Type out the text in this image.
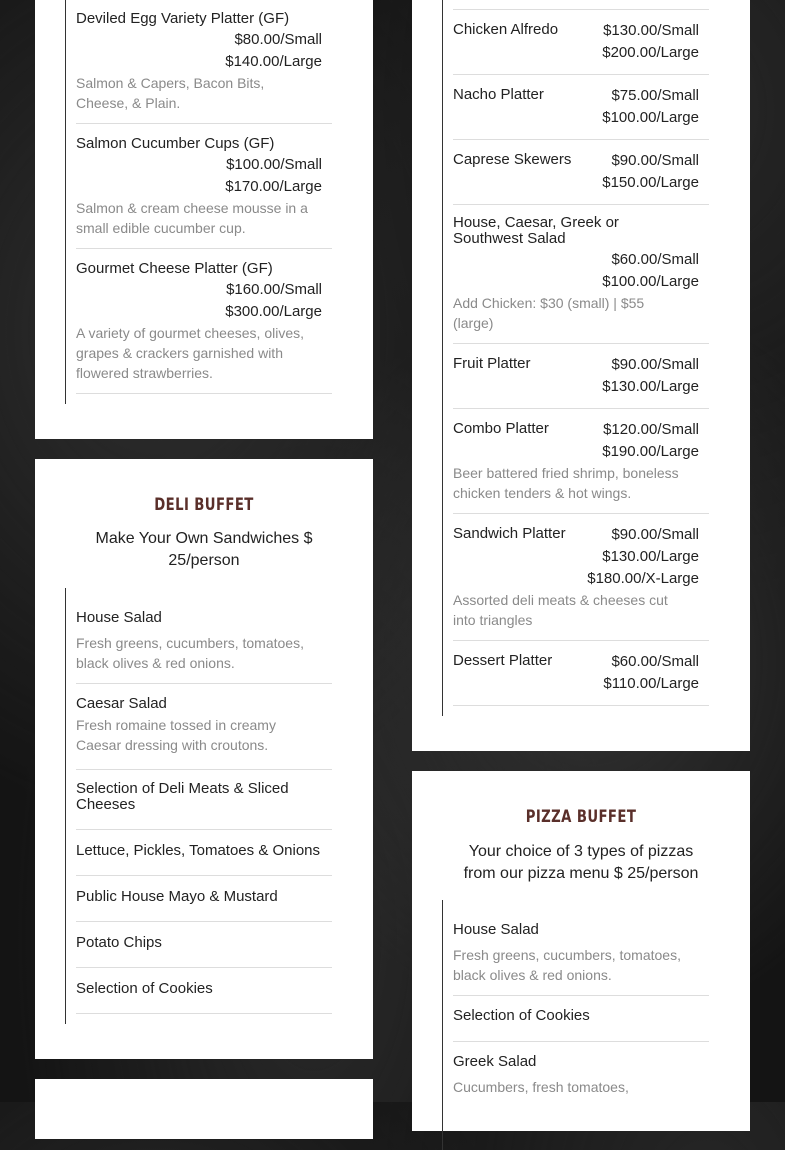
Deviled Egg Variety Platter (GF)
$80.00/Small
$140.00/Large
Salmon & Capers, Bacon Bits, Cheese, & Plain.
Salmon Cucumber Cups (GF)
$100.00/Small
$170.00/Large
Salmon & cream cheese mousse in a small edible cucumber cup.
Gourmet Cheese Platter (GF)
$160.00/Small
$300.00/Large
A variety of gourmet cheeses, olives, grapes & crackers garnished with flowered strawberries.
DELI BUFFET
Make Your Own Sandwiches $ 25/person
House Salad
Fresh greens, cucumbers, tomatoes, black olives & red onions.
Caesar Salad
Fresh romaine tossed in creamy Caesar dressing with croutons.
Selection of Deli Meats & Sliced Cheeses
Lettuce, Pickles, Tomatoes & Onions
Public House Mayo & Mustard
Potato Chips
Selection of Cookies
Chicken Alfredo	$130.00/Small
$200.00/Large
Nacho Platter	$75.00/Small
$100.00/Large
Caprese Skewers	$90.00/Small
$150.00/Large
House, Caesar, Greek or Southwest Salad
$60.00/Small
$100.00/Large
Add Chicken: $30 (small) | $55 (large)
Fruit Platter	$90.00/Small
$130.00/Large
Combo Platter	$120.00/Small
$190.00/Large
Beer battered fried shrimp, boneless chicken tenders & hot wings.
Sandwich Platter	$90.00/Small
$130.00/Large
$180.00/X-Large
Assorted deli meats & cheeses cut into triangles
Dessert Platter	$60.00/Small
$110.00/Large
PIZZA BUFFET
Your choice of 3 types of pizzas from our pizza menu $ 25/person
House Salad
Fresh greens, cucumbers, tomatoes, black olives & red onions.
Selection of Cookies
Greek Salad
Cucumbers, fresh tomatoes,
